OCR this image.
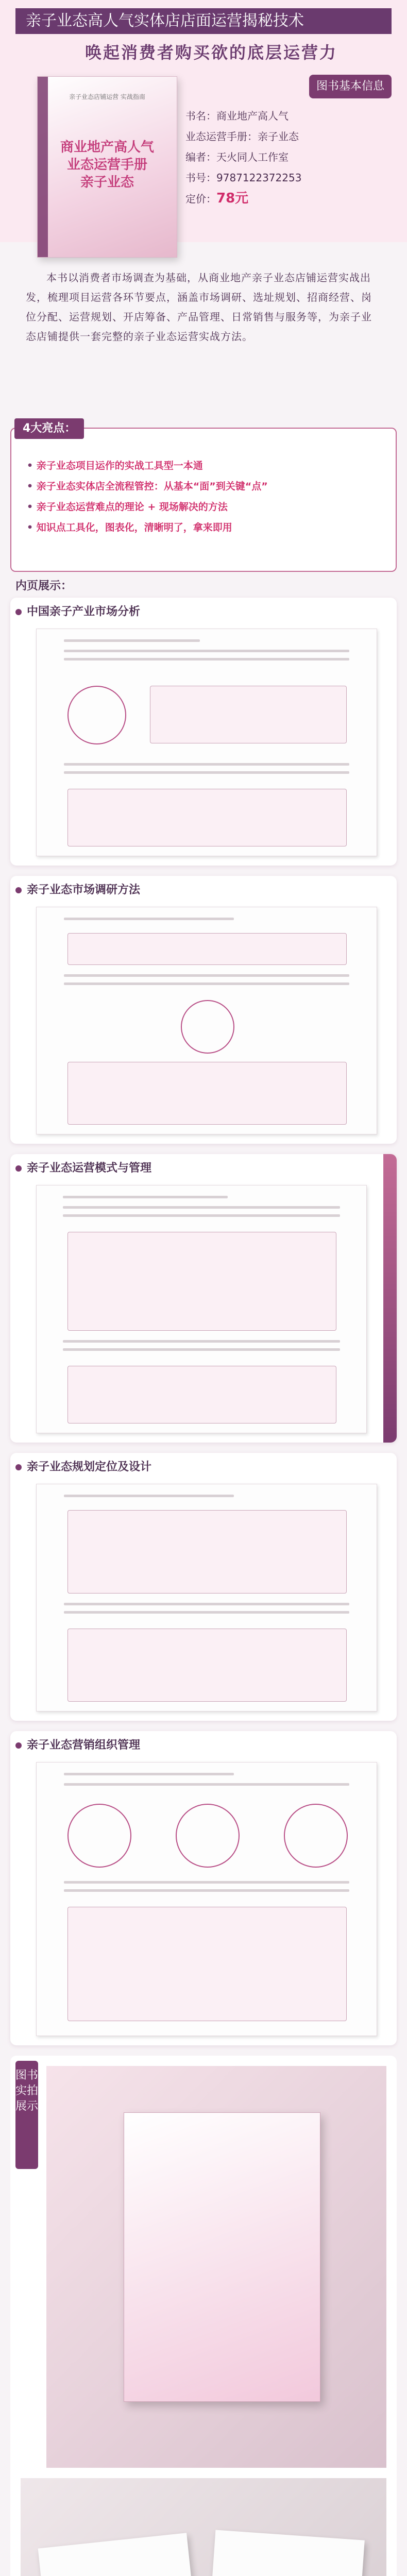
亲子业态高人气实体店店面运营揭秘技术
唤起消费者购买欲的底层运营力
亲子业态店铺运营 实战指南
商业地产高人气业态运营手册 亲子业态
图书基本信息
书名：商业地产高人气
业态运营手册：亲子业态
编者：天火同人工作室
书号：9787122372253
定价：78元
本书以消费者市场调查为基础，从商业地产亲子业态店铺运营实战出发，梳理项目运营各环节要点，涵盖市场调研、选址规划、招商经营、岗位分配、运营规划、开店筹备、产品管理、日常销售与服务等，为亲子业态店铺提供一套完整的亲子业态运营实战方法。
• 亲子业态项目运作的实战工具型一本通
• 亲子业态实体店全流程管控：从基本“面”到关键“点”
• 亲子业态运营难点的理论 + 现场解决的方法
• 知识点工具化，图表化，清晰明了，拿来即用
4大亮点：
内页展示：
中国亲子产业市场分析
亲子业态市场调研方法
亲子业态运营模式与管理
亲子业态规划定位及设计
亲子业态营销组织管理
图书实拍展示
